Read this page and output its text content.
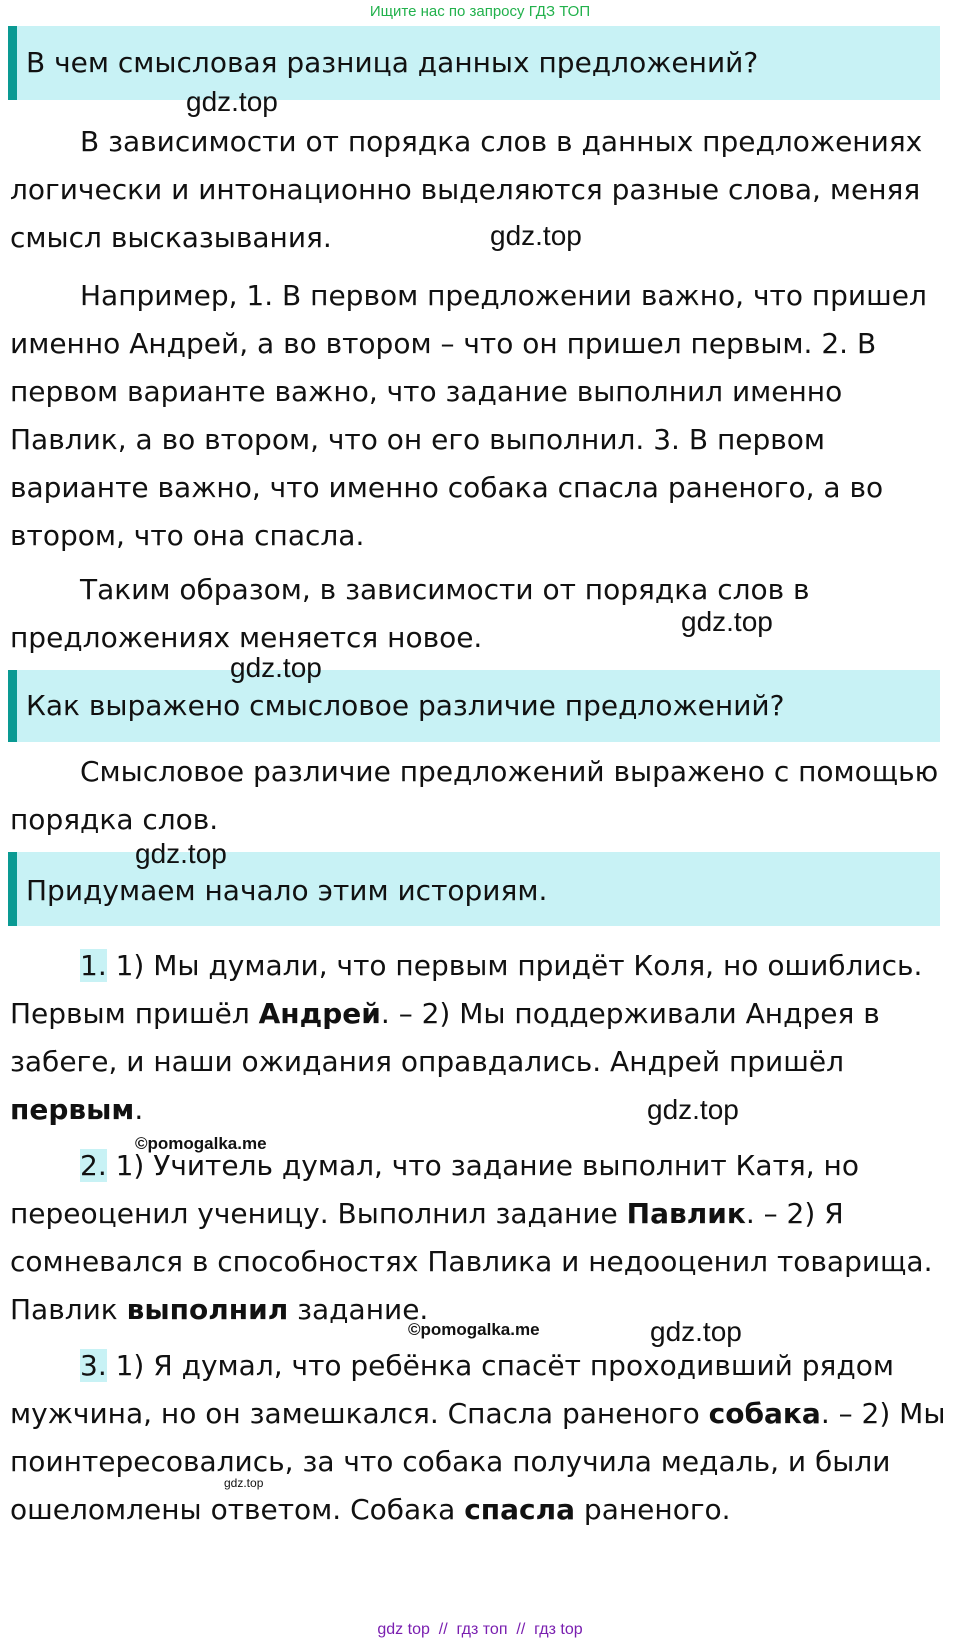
Ищите нас по запросу ГДЗ ТОП
В чем смысловая разница данных предложений?

В зависимости от порядка слов в данных предложениях логически и интонационно выделяются разные слова, меняя смысл высказывания.

Например, 1. В первом предложении важно, что пришел именно Андрей, а во втором – что он пришел первым. 2. В первом варианте важно, что задание выполнил именно Павлик, а во втором, что он его выполнил. 3. В первом варианте важно, что именно собака спасла раненого, а во втором, что она спасла.

Таким образом, в зависимости от порядка слов в предложениях меняется новое.

Как выражено смысловое различие предложений?

Смысловое различие предложений выражено с помощью порядка слов.

Придумаем начало этим историям.

1. 1) Мы думали, что первым придёт Коля, но ошиблись. Первым пришёл Андрей. – 2) Мы поддерживали Андрея в забеге, и наши ожидания оправдались. Андрей пришёл первым.

2. 1) Учитель думал, что задание выполнит Катя, но переоценил ученицу. Выполнил задание Павлик. – 2) Я сомневался в способностях Павлика и недооценил товарища. Павлик выполнил задание.

3. 1) Я думал, что ребёнка спасёт проходивший рядом мужчина, но он замешкался. Спасла раненого собака. – 2) Мы поинтересовались, за что собака получила медаль, и были ошеломлены ответом. Собака спасла раненого.

gdz.top
gdz.top
gdz.top
gdz.top
gdz.top
gdz.top
gdz.top
gdz.top
©pomogalka.me
©pomogalka.me
gdz top  //  гдз топ  //  гдз top
